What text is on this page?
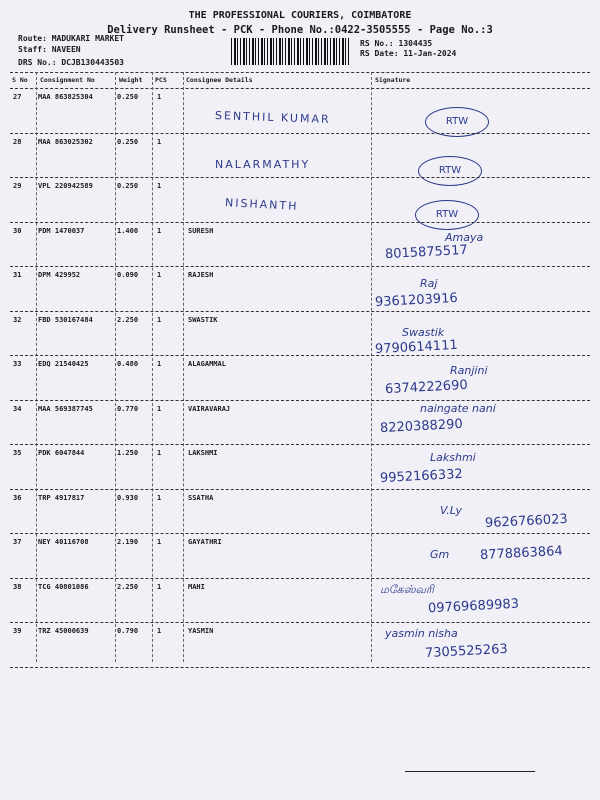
THE PROFESSIONAL COURIERS, COIMBATORE
Delivery Runsheet - PCK - Phone No.:0422-3505555 - Page No.:3
Route: MADUKARI MARKET
Staff: NAVEEN
DRS No.: DCJB130443503
RS No.: 1304435
RS Date: 11-Jan-2024
S No Consignment No	Weight PCS	Consignee Details	Signature
27 MAA 863825304	0.250	1
SENTHIL KUMAR	RTW
28 MAA 863025302	0.250	1
NALARMATHY	RTW
29 VPL 220942589	0.250	1
NISHANTH
RTW
30 PDM 1470037	1.400	1	SURESH	Amaya
8015875517
31 DPM 429952	0.090	1	RAJESH
Raj
9361203916
32 FBD 530167484	2.250	1	SWASTIK
Swastik
9790614111
33 EDQ 21540425	0.480	1	ALAGAMMAL	Ranjini
6374222690
34 MAA 569387745	0.770	1	VAIRAVARAJ	naingate nani
8220388290
35 PDK 6047844	1.250	1	LAKSHMI	Lakshmi
9952166332
36 TRP 4917817	0.930	1	SSATHA
V.Ly
9626766023
37 NEY 40116708	2.190	1	GAYATHRI
Gm 8778863864
38 TCG 40801086	2.250	1	MAHI	மகேஸ்வரி
09769689983
39 TRZ 45000639	0.790	1	YASMIN	yasmin nisha
7305525263
